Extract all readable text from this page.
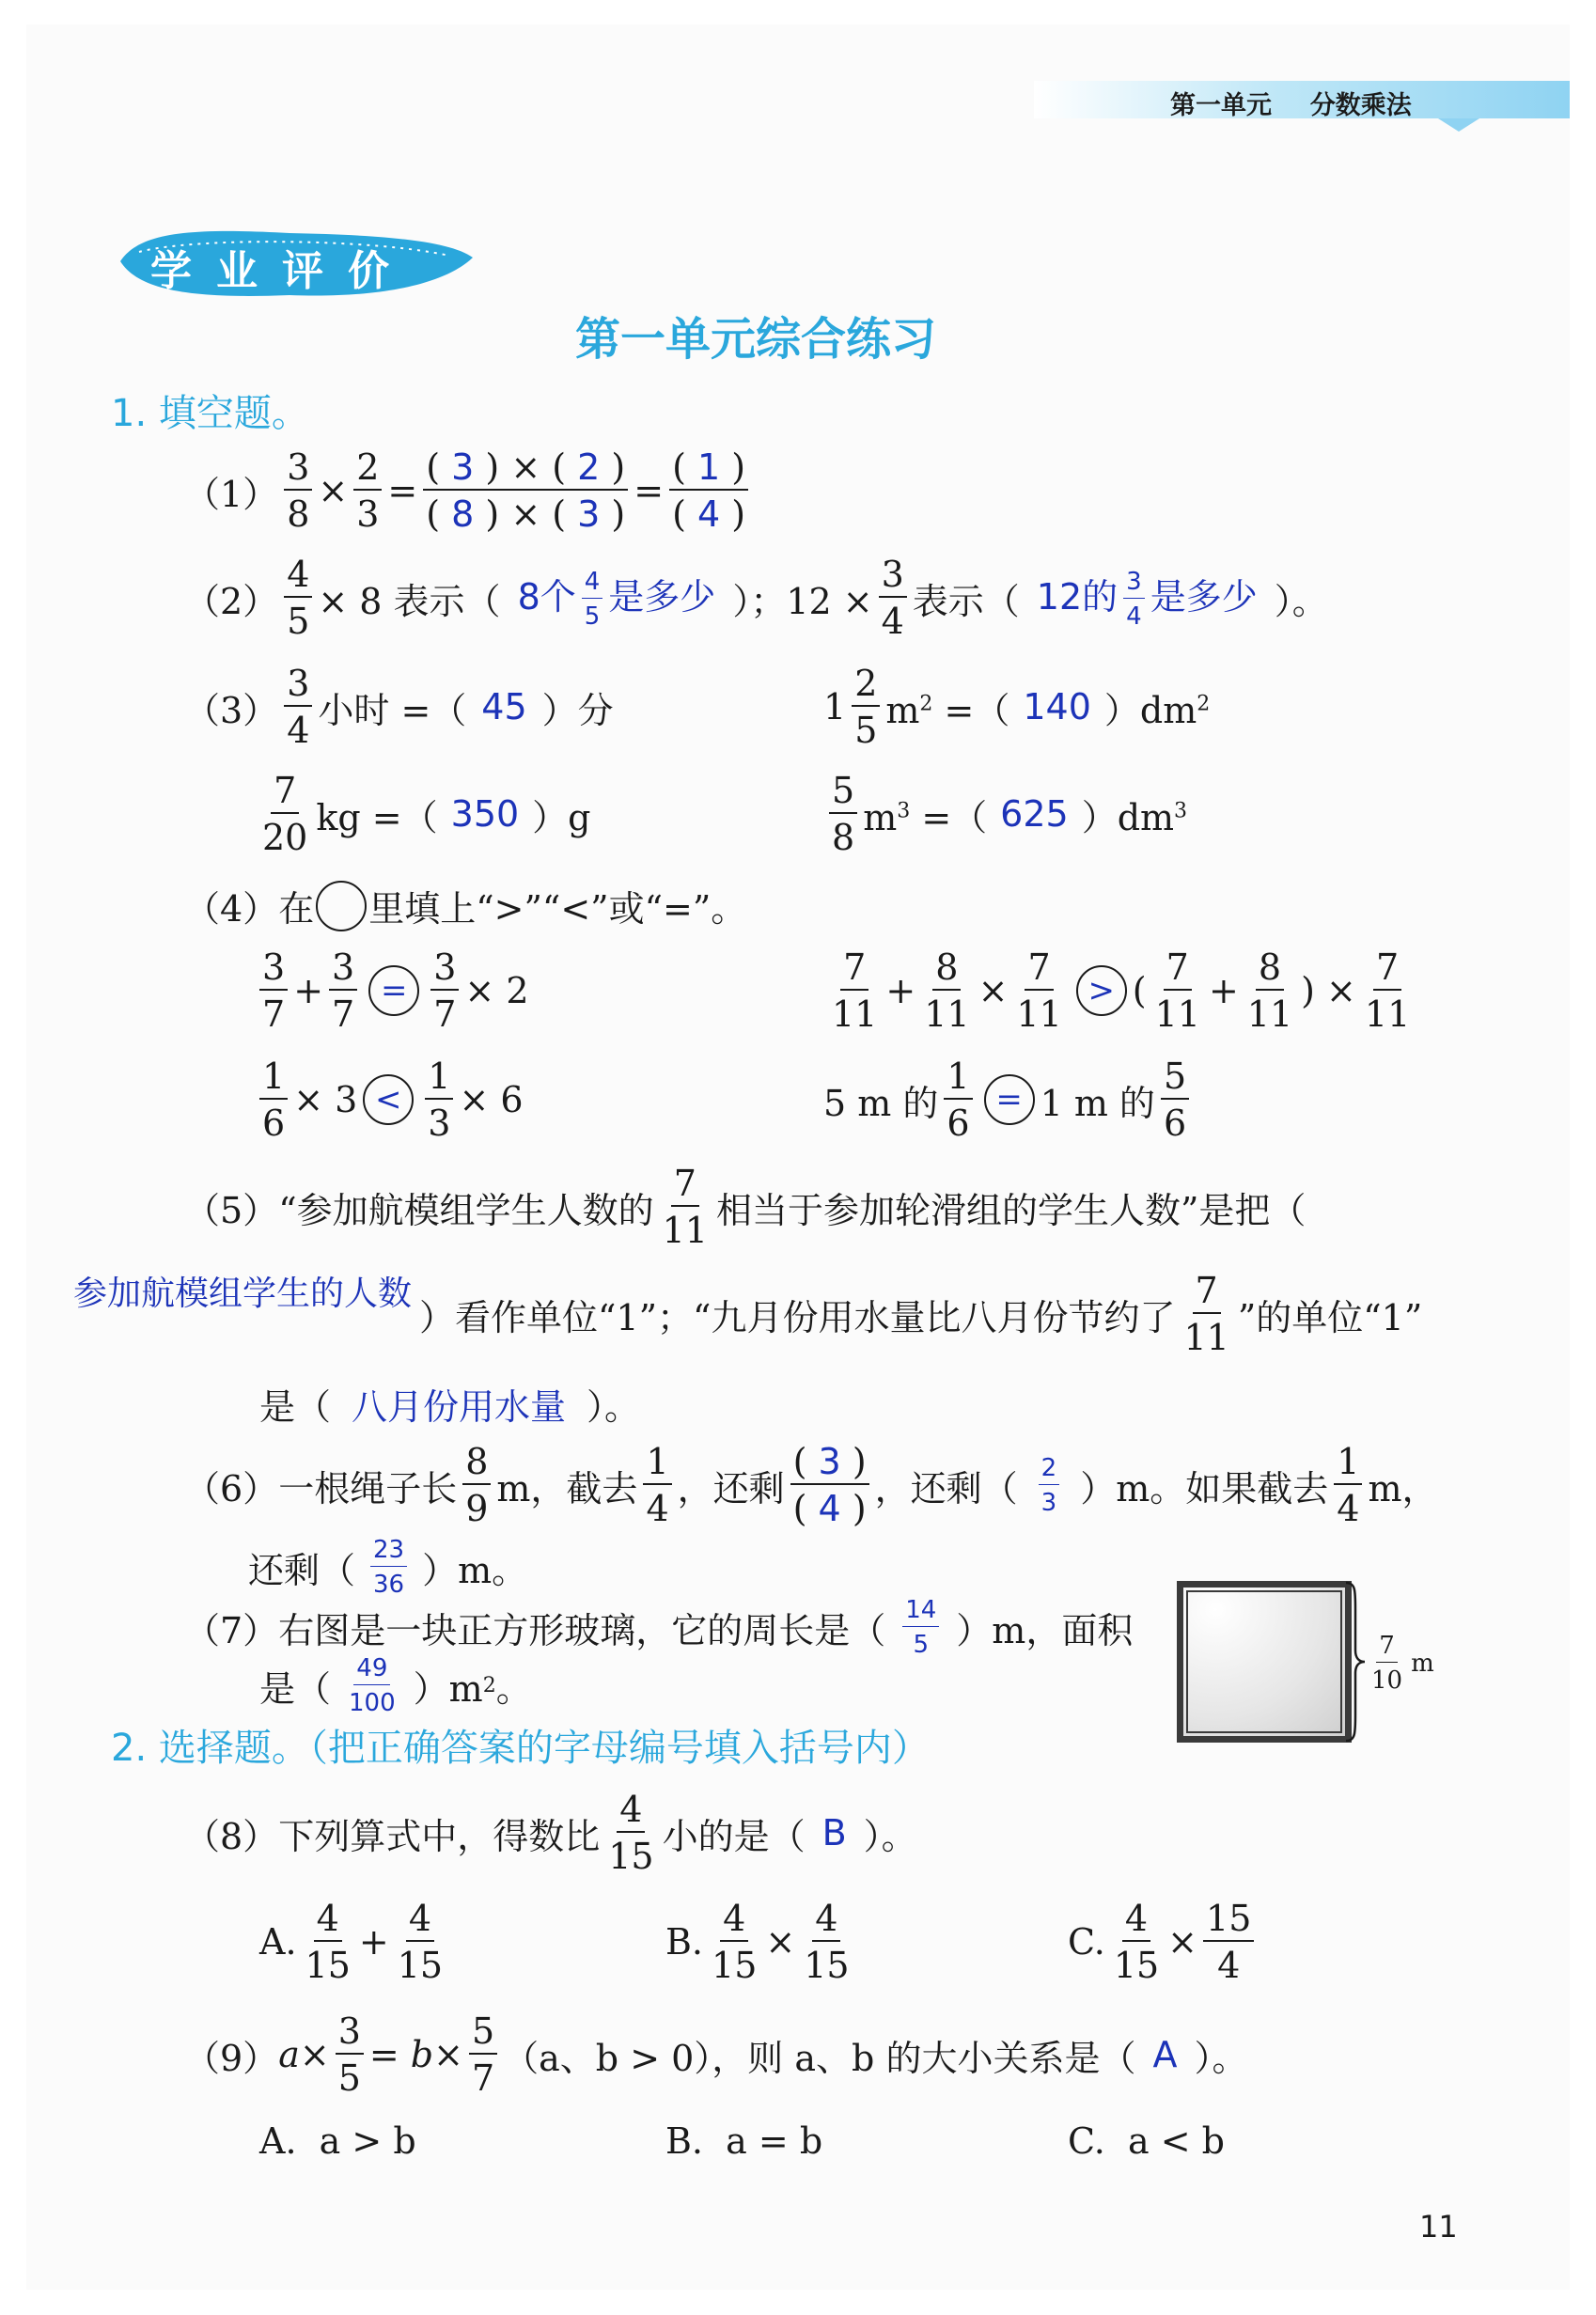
第一单元 分数乘法
学 业 评 价
第一单元综合练习
1. 填空题。
$(1) \frac{3}{8} \times \frac{2}{3} = \frac{( 3 ) \times ( 2 )}{( 8 ) \times ( 3 )} = \frac{( 1 )}{( 4 )}$
$(2) \frac{4}{5} \times 8$ 表示（ 8个 $\frac{4}{5}$ 是多少 ）；$12 \times \frac{3}{4}$ 表示（ 12的 $\frac{3}{4}$ 是多少 ）。
$(3) \frac{3}{4}$ 小时 =（ 45 ）分	$1 \frac{2}{5} m^2$ =（ 140 ）$dm^2$
$\frac{7}{20}$ kg =（ 350 ）g	$\frac{5}{8} m^3$ =（ 625 ）$dm^3$
（4） 在 里填上“>”“<”或“=”。
$\frac{3}{7} + \frac{3}{7} = \frac{3}{7} \times 2$	$\frac{7}{11} + \frac{8}{11} \times \frac{7}{11}$ > ( $\frac{7}{11} + \frac{8}{11}$ ) × $\frac{7}{11}$
$\frac{1}{6} \times 3 < \frac{1}{3} \times 6$	5 m 的 $\frac{1}{6} = 1$ m 的 $\frac{5}{6}$
（5） “参加航模组学生人数的 $\frac{7}{11}$ 相当于参加轮滑组的学生人数”是把（
参加航模组学生的人数
）看作单位“1”；“九月份用水量比八月份节约了 $\frac{7}{11}$ ”的单位“1”
是（ 八月份用水量 ）。
（6） 一根绳子长 $\frac{8}{9}$ m，截去 $\frac{1}{4}$ ，还剩 $\frac{( 3 )}{( 4 )}$ ，还剩（ $\frac{2}{3} )m$。如果截去 $\frac{1}{4}$ m，
还剩（ $\frac{23}{36} )m$。
（7） 右图是一块正方形玻璃，它的周长是（ $\frac{14}{5} )m$，面积
是（ $\frac{49}{100} )m$ 2 。	$\frac{7}{10}$ m
2. 选择题。（把正确答案的字母编号填入括号内）
（8） 下列算式中，得数比 $\frac{4}{15}$ 小的是（ B ）。
A. $\frac{4}{15} + \frac{4}{15}$	B. $\frac{4}{15} \times \frac{4}{15}$	C. $\frac{4}{15} \times \frac{15}{4}$
（9） $a \times \frac{3}{5} = b \times \frac{5}{7} (a$、b > 0），则 a、b 的大小关系是（ A ）。
A.  a > b	B.  a = b	C.  a < b
11
